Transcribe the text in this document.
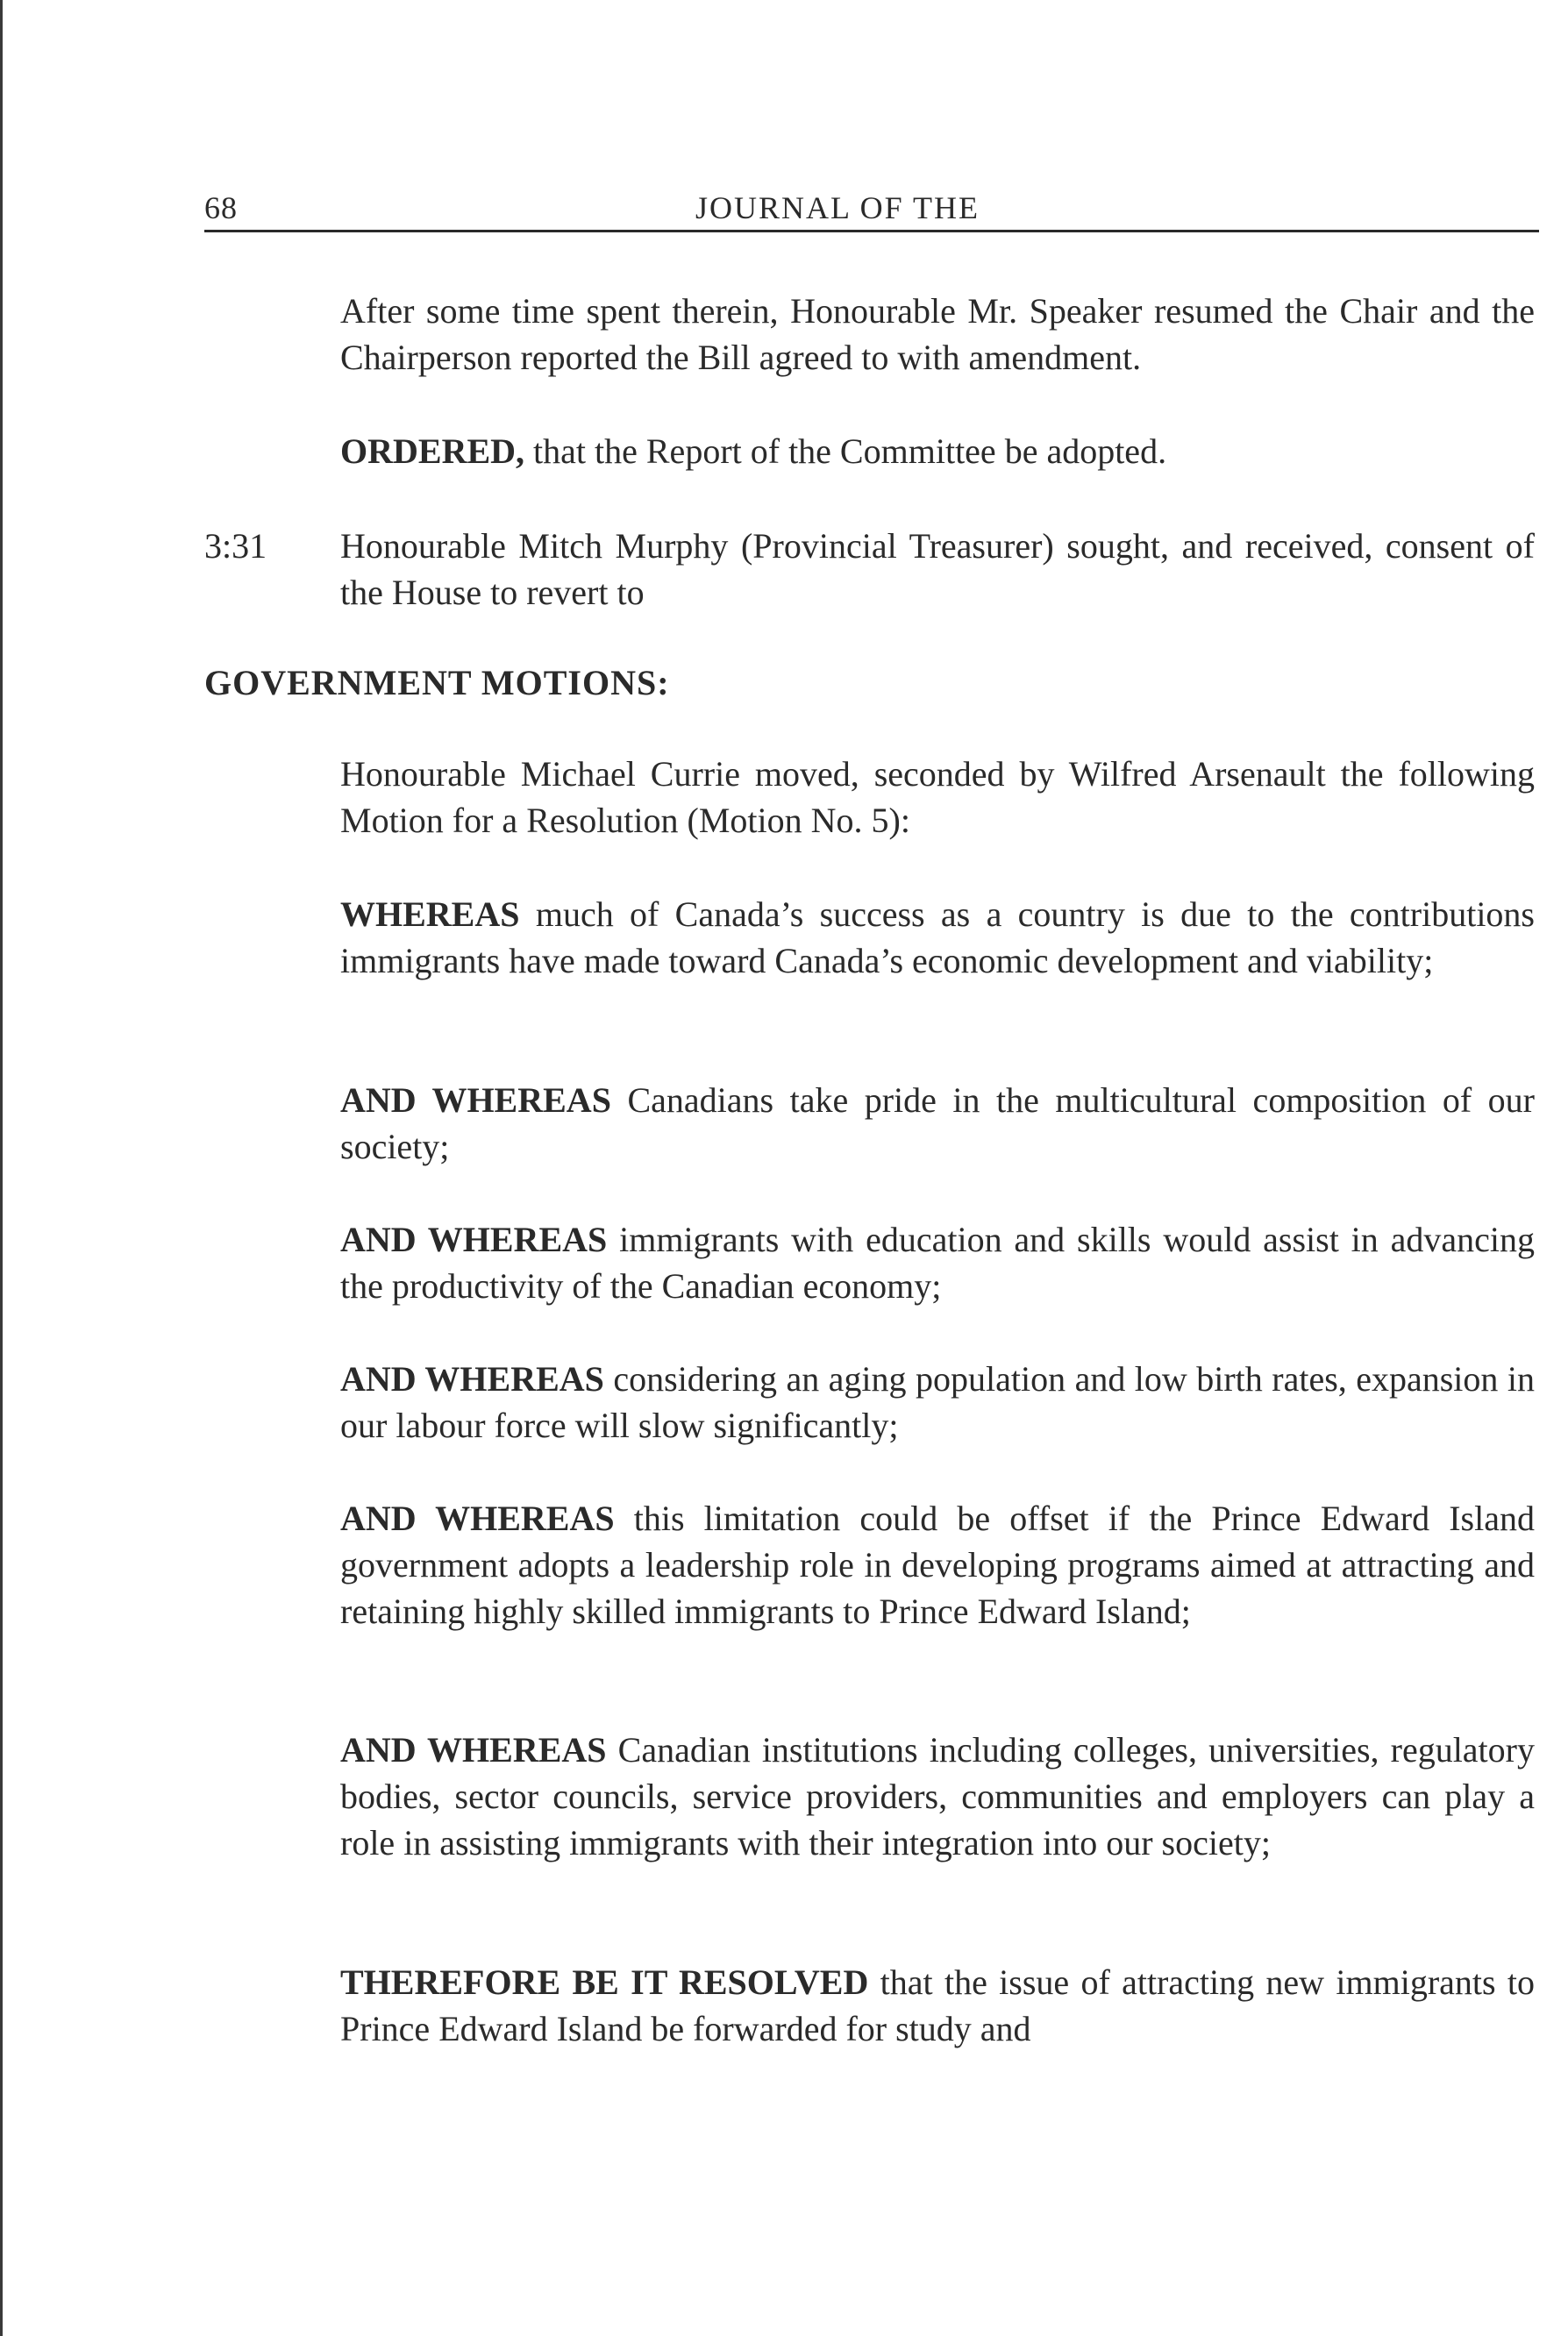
68	JOURNAL OF THE

After some time spent therein, Honourable Mr. Speaker resumed the Chair and the Chairperson reported the Bill agreed to with amendment.

ORDERED, that the Report of the Committee be adopted.

3:31 Honourable Mitch Murphy (Provincial Treasurer) sought, and received, consent of the House to revert to

GOVERNMENT MOTIONS:

Honourable Michael Currie moved, seconded by Wilfred Arsenault the following Motion for a Resolution (Motion No. 5):

WHEREAS much of Canada’s success as a country is due to the contributions immigrants have made toward Canada’s economic development and viability;

AND WHEREAS Canadians take pride in the multicultural composition of our society;

AND WHEREAS immigrants with education and skills would assist in advancing the productivity of the Canadian economy;

AND WHEREAS considering an aging population and low birth rates, expansion in our labour force will slow significantly;

AND WHEREAS this limitation could be offset if the Prince Edward Island government adopts a leadership role in developing programs aimed at attracting and retaining highly skilled immigrants to Prince Edward Island;

AND WHEREAS Canadian institutions including colleges, universities, regulatory bodies, sector councils, service providers, communities and employers can play a role in assisting immigrants with their integration into our society;

THEREFORE BE IT RESOLVED that the issue of attracting new immigrants to Prince Edward Island be forwarded for study and
